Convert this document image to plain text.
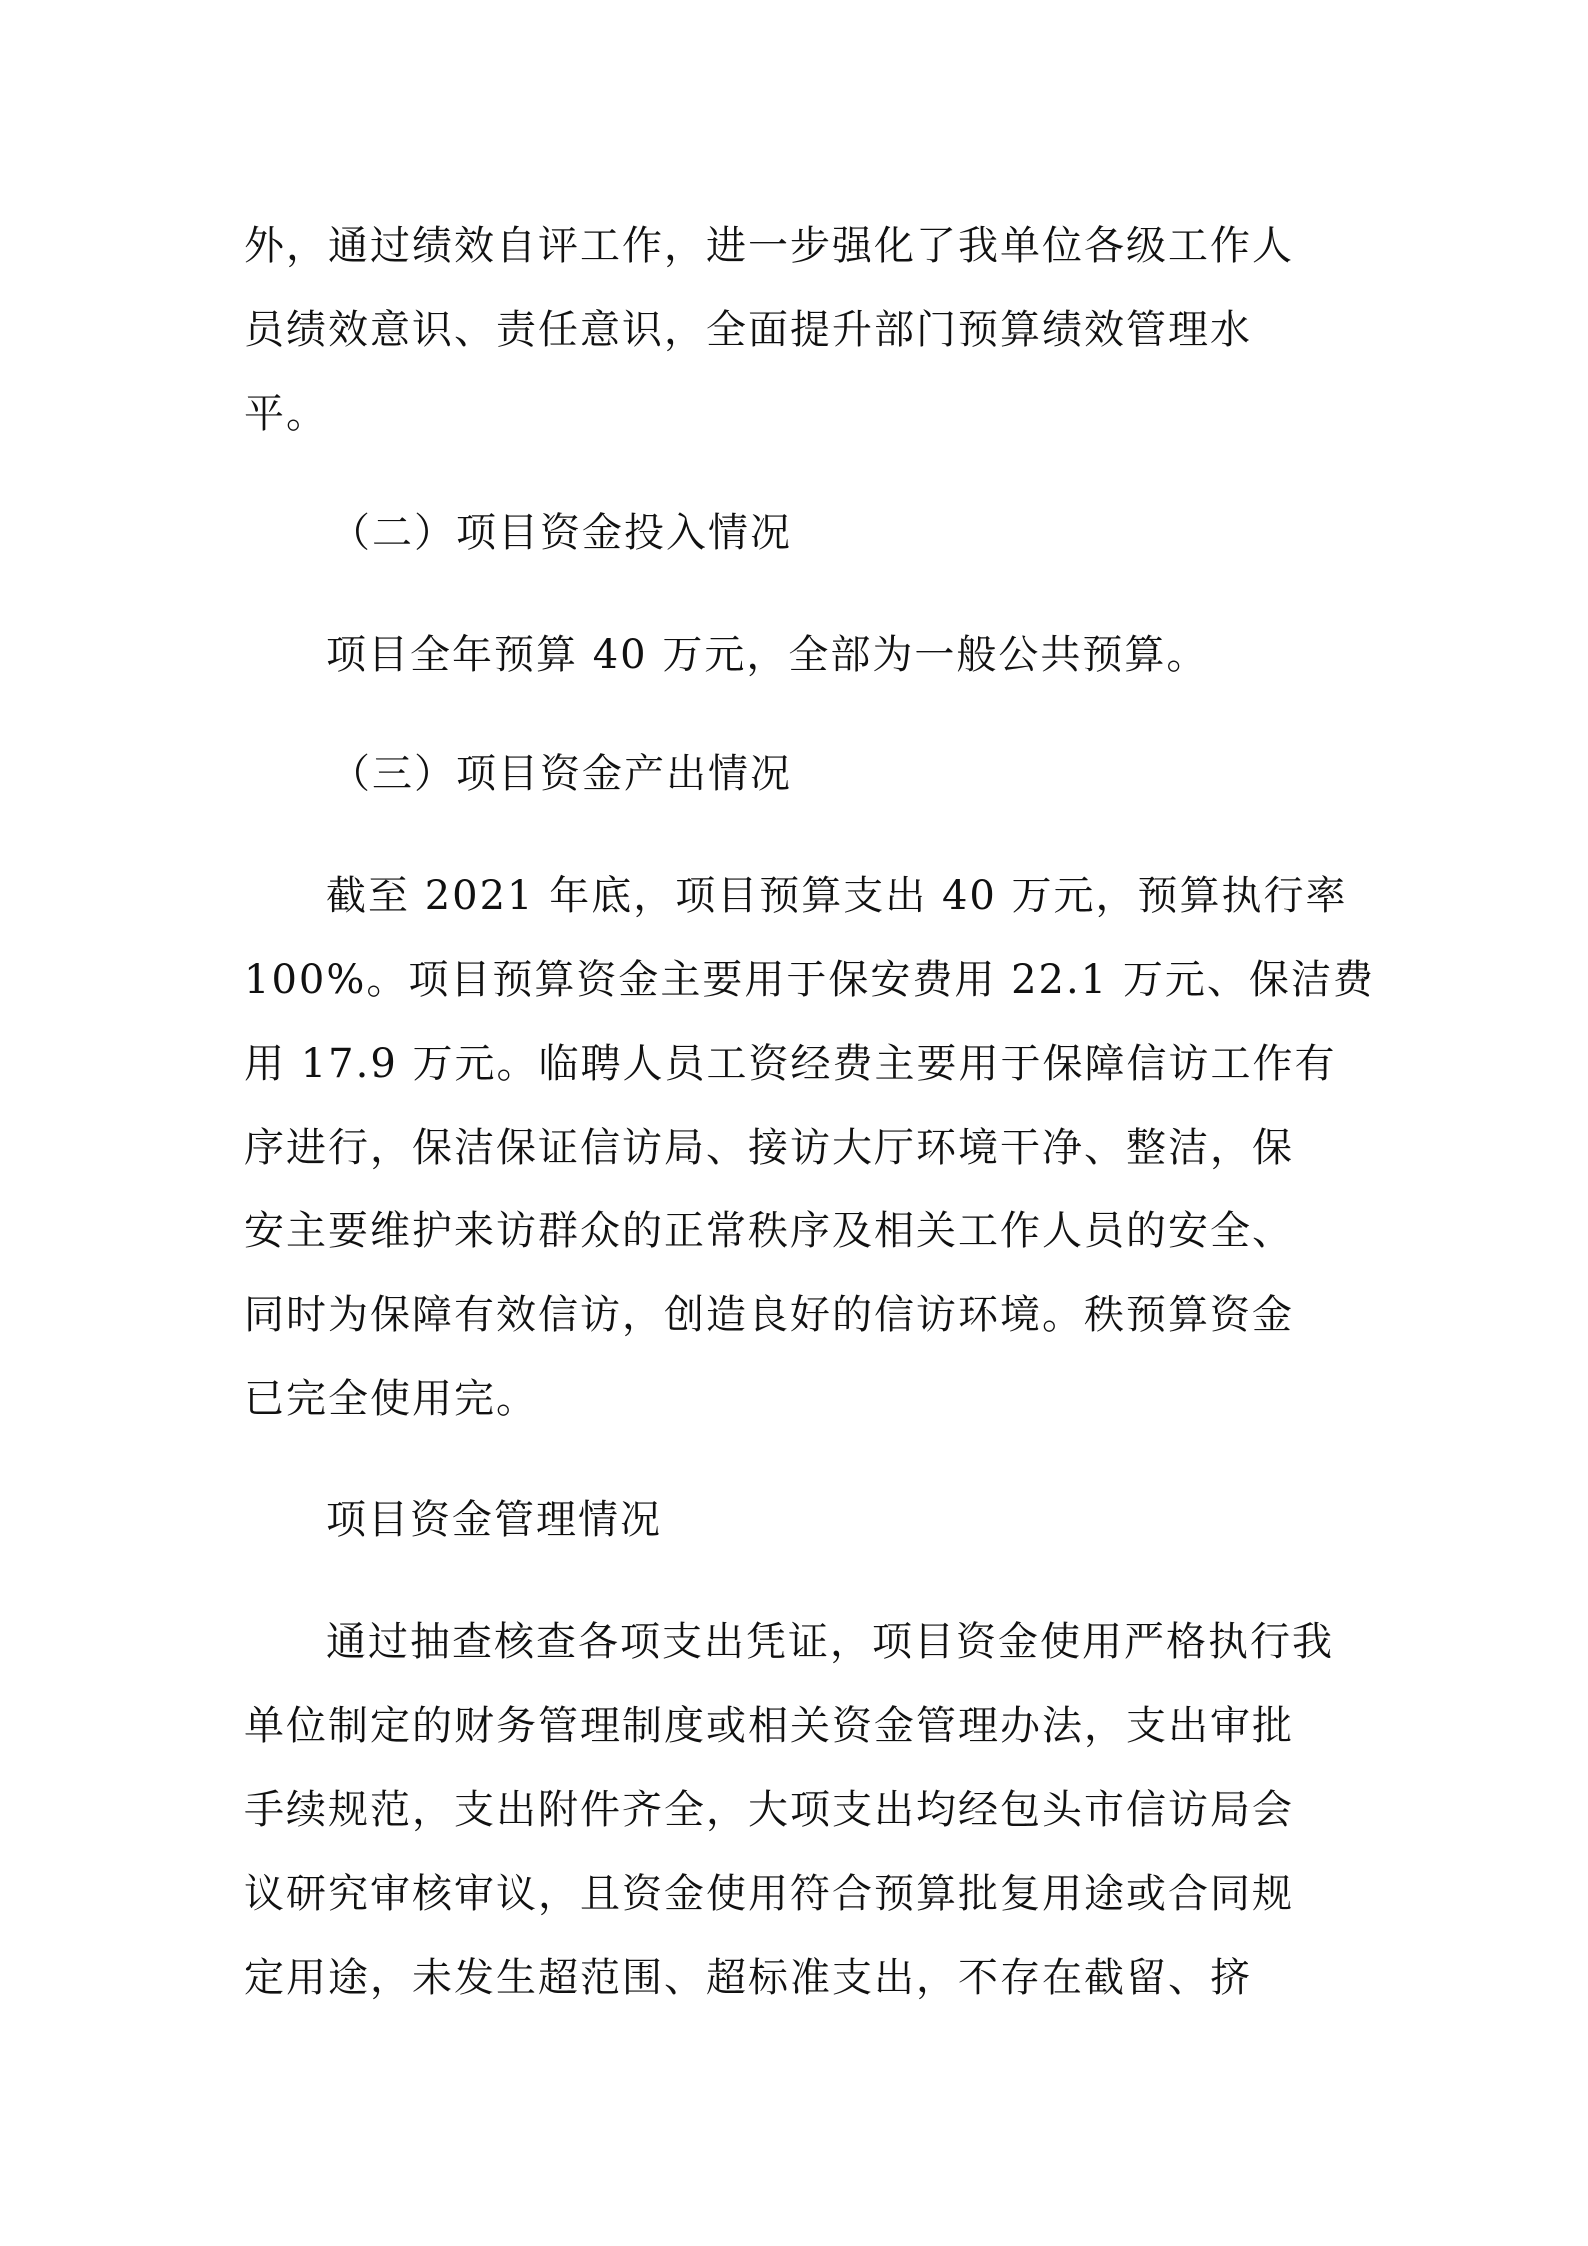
外，通过绩效自评工作，进一步强化了我单位各级工作人

员绩效意识、责任意识，全面提升部门预算绩效管理水

平。

（二）项目资金投入情况

项目全年预算 40 万元，全部为一般公共预算。

（三）项目资金产出情况

截至 2021 年底，项目预算支出 40 万元，预算执行率

100%。项目预算资金主要用于保安费用 22.1 万元、保洁费

用 17.9 万元。临聘人员工资经费主要用于保障信访工作有

序进行，保洁保证信访局、接访大厅环境干净、整洁，保

安主要维护来访群众的正常秩序及相关工作人员的安全、

同时为保障有效信访，创造良好的信访环境。秩预算资金

已完全使用完。

项目资金管理情况

通过抽查核查各项支出凭证，项目资金使用严格执行我

单位制定的财务管理制度或相关资金管理办法，支出审批

手续规范，支出附件齐全，大项支出均经包头市信访局会

议研究审核审议，且资金使用符合预算批复用途或合同规

定用途，未发生超范围、超标准支出，不存在截留、挤
